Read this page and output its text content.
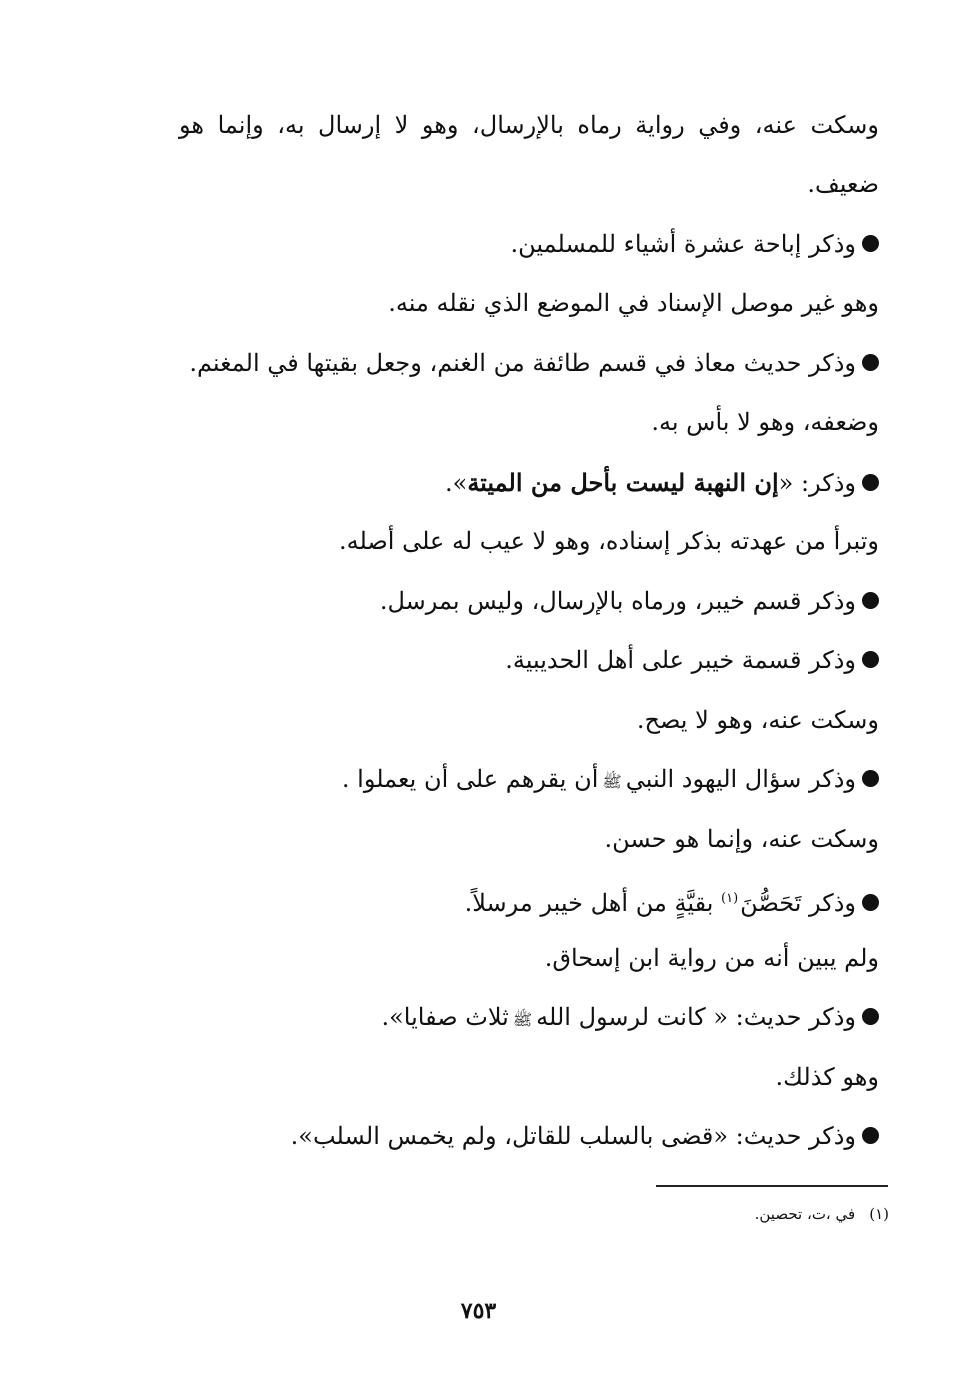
وسكت عنه، وفي رواية رماه بالإرسال، وهو لا إرسال به، وإنما هو
ضعيف.
وذكر إباحة عشرة أشياء للمسلمين.
وهو غير موصل الإسناد في الموضع الذي نقله منه.
وذكر حديث معاذ في قسم طائفة من الغنم، وجعل بقيتها في المغنم.
وضعفه، وهو لا بأس به.
وذكر: «إن النهبة ليست بأحل من الميتة».
وتبرأ من عهدته بذكر إسناده، وهو لا عيب له على أصله.
وذكر قسم خيبر، ورماه بالإرسال، وليس بمرسل.
وذكر قسمة خيبر على أهل الحديبية.
وسكت عنه، وهو لا يصح.
وذكر سؤال اليهود النبيﷺأن يقرهم على أن يعملوا .
وسكت عنه، وإنما هو حسن.
وذكر تَحَصُّنَ$^{(١)}$ بقيَّةٍ من أهل خيبر مرسلاً.
ولم يبين أنه من رواية ابن إسحاق.
وذكر حديث: « كانت لرسول اللهﷺثلاث صفايا».
وهو كذلك.
وذكر حديث: «قضى بالسلب للقاتل، ولم يخمس السلب».
(١)في ،ت، تحصين.
٧٥٣
